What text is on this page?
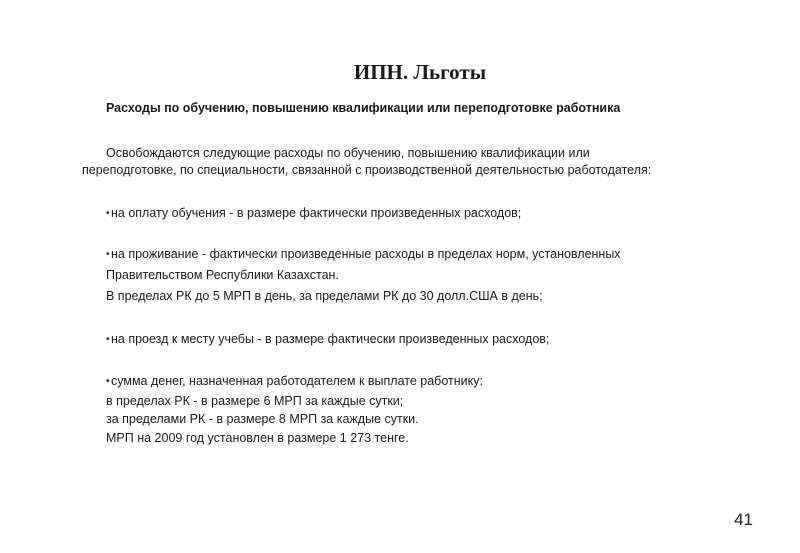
ИПН. Льготы
Расходы по обучению, повышению квалификации или переподготовке работника
Освобождаются следующие расходы по обучению, повышению квалификации или
переподготовке, по специальности, связанной с производственной деятельностью работодателя:
•на оплату обучения - в размере фактически произведенных расходов;
•на проживание - фактически произведенные расходы в пределах норм, установленных
Правительством Республики Казахстан.
В пределах РК до 5 МРП в день, за пределами РК до 30 долл.США в день;
•на проезд к месту учебы - в размере фактически произведенных расходов;
•сумма денег, назначенная работодателем к выплате работнику:
в пределах РК - в размере 6 МРП за каждые сутки;
за пределами РК - в размере 8 МРП за каждые сутки.
МРП на 2009 год установлен в размере 1 273 тенге.
41
